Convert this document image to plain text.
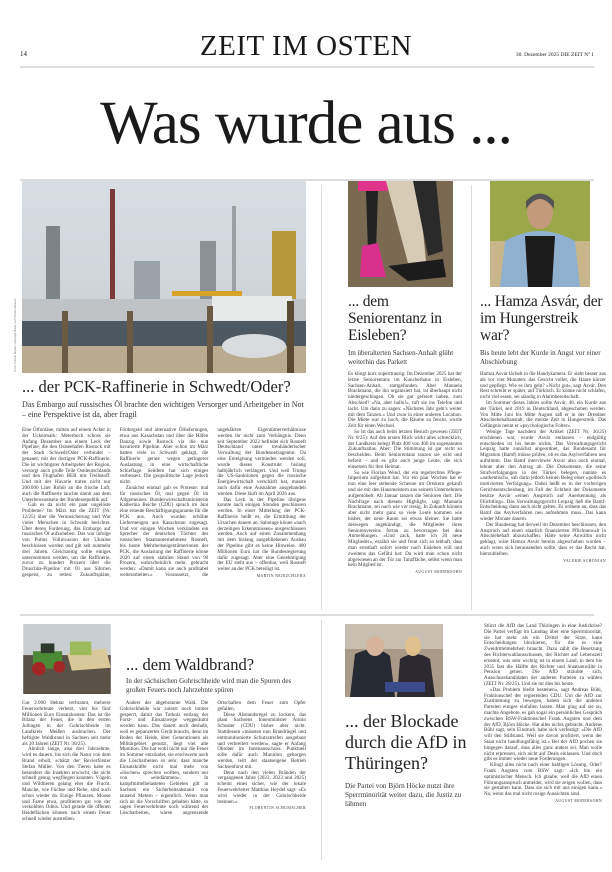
14	ZEIT IM OSTEN	30. Dezember 2025 DIE ZEIT Nº 1
Was wurde aus ...
Fotos: Florian Boillot; Christoph Hardt; laif; Picture Alliance
... der PCK-Raffinerie in Schwedt/Oder?
Das Embargo auf russisches Öl brachte den wichtigen Versorger und Arbeitgeber in Not – eine Perspektive ist da, aber fragil

Eine Ölfontäne, mitten auf einem Acker in der Uckermark: Meterhoch schoss sie Anfang Dezember aus einem Leck der Pipeline, die den Ostseehafen Rostock mit der Stadt Schwedt/Oder verbindet – genauer, mit der dortigen PCK-Raffinerie. Die ist wichtigster Arbeitgeber der Region, versorgt auch große Teile Ostdeutschlands und den Flughafen BER mit Treibstoff. Und mit der Havarie traten nicht nur 200.000 Liter Rohöl an die frische Luft, auch die Raffinerie tauchte damit aus dem Unterbewusstsein der Bundesrepublik auf.

Gab es da nicht ein paar ungelöste Probleme? Im März hat die ZEIT (Nr. 12/25) über die Verunsicherung und Wut vieler Menschen in Schwedt berichtet. Über deren Forderung, das Embargo auf russisches Öl aufzuheben. Das war infolge von Putins Vollinvasion der Ukraine beschlossen worden und gilt seit nunmehr drei Jahren. Gleichzeitig sollte einiges unternommen werden, um die Raffinerie, zuvor zu hundert Prozent über die Druschba-Pipeline mit Öl aus Sibirien gespeist, zu retten: Zukunftspläne, Fördergeld und alternative Öllieferungen, etwa aus Kasachstan und über die Häfen Danzig sowie Rostock via die nun havarierte Pipeline. Aber schon im März hatten viele in Schwedt geklagt, die Raffinerie gerate wegen geringerer Auslastung in eine wirtschaftliche Schieflage. Seitdem hat sich einiges verbessert. Die geopolitische Lage jedoch nicht.

Zunächst einmal gab es Proteste: mal für russisches Öl, mal gegen Öl im Allgemeinen. Bundeswirtschaftsministerin Katherina Reiche (CDU) sprach im Juni eine erneute Beschäftigungsgarantie für die PCK aus. Auch wurden erhöhte Liefermengen aus Kasachstan zugesagt. Und vor einigen Wochen verkündete ein Sprecher der deutschen Töchter des russischen Staatsunternehmens Rosneft, bis heute Mehrheitseigentümerinnen der PCK, die Auslastung der Raffinerie könne 2026 auf einen stabilen Stand von 90 Prozent, wahrscheinlich mehr, gebracht werden: »Damit kann sie auch profitabel weiterarbeiten.« Voraussetzt, die ungeklärten Eigentümerverhältnisse werden ihr nicht zum Verhängnis. Denn seit September 2022 befindet sich Rosneft Deutschland unter treuhänderischer Verwaltung der Bundesnetzagentur. Da eine Enteignung vermieden werden soll, wurde dieses Konstrukt bislang halbjährlich verlängert. Und weil Trump die US-Sanktionen gegen die russische Energiewirtschaft verschärft hat, musste auch dafür eine Ausnahme ausgehandelt werden. Diese läuft im April 2026 aus.

Das Leck in der Pipeline übrigens konnte nach einigen Stunden geschlossen werden. In einer Mitteilung der PCK-Raffinerie heißt es, die Ermittlung der Ursachen dauere an. Sabotage könne »nach derzeitigen Erkenntnissen« ausgeschlossen werden. Auch auf einen Zusammenhang mit dem bislang ausgebliebenen Ausbau der Pipeline gibt es keine Hinweise. 400 Millionen Euro hat die Bundesregierung dafür zugesagt. Aber eine Genehmigung der EU steht aus – offenbar, weil Rosneft weiter an der PCK beteiligt ist.

MARTIN NEJEZCHLEBA
... dem Seniorentanz in Eisleben?
Im überalterten Sachsen-Anhalt glüht weiterhin das Parkett

Es klingt kurz superttraurig: Im Dezember 2025 hat der letzte Seniorentanz im Kuncherhaus in Eisleben, Sachsen-Anhalt, stattgefunden. Aber Manuela Brackmann, die ihn organisiert hat, ist überhaupt nicht niedergeschlagen. Ob sie gut gefeiert haben, zum Abschied? »Na, aber hallo!«, ruft sie ins Telefon und lacht. Um dann zu sagen: »Nächstes Jahr geht's weiter mit dem Tanzen.« Und zwar in einer anderen Location. Die Miete war zu hoch, die Räume zu feucht, wurde Zeit für einen Wechsel.

So ist das auch beim letzten Besuch gewesen (ZEIT Nr. 8/25): Auf den ersten Blick wirkt alles schrecklich, der Landkreis belegt Platz 400 von 400 im sogenannten Zukunftsatlas. Aber: Die Stimmung ist gar nicht so bescheiden. Beim Seniorentanz tanzen sie wild und befreit – und es gibt auch junge Leute, die sich einsetzen für ihre Heimat.

So wie Florian Wend, der ein regelrechtes Pflege-Imperium aufgebaut hat. Vor ein paar Wochen hat er nun eine leer stehende Scheune im Ortskern gekauft und sie mit den Hausmeistern aus seinem Unternehmen aufgemöbelt. Ab Januar tanzen die Senioren dort. Die Nachfrage nach diesem Highlight, sagt Manuela Brackmann, sei nach wie vor riesig. In Zukunft können aber nicht mehr ganz so viele Leute kommen wie bisher, der neue Raum sei etwas kleiner. Sie hatte deswegen angekündigt, die Mitglieder ihres Seniorenvereins fortan zu bevorzugen bei den Anmeldungen. »Und zack, hatte ich 20 neue Mitglieder«, erzählt sie und freut sich so lebhaft, dass man ernsthaft sofort wieder nach Eisleben will und zweitens das Gefühl hat: Da wird man schon nicht abgewiesen an der Tür zur Tanzfläche, selbst wenn man kein Mitglied ist.

AUGUST MODERSOHN
... Hamza Asvár, der im Hungerstreik war?
Bis heute lebt der Kurde in Angst vor einer Abschiebung

Hamza Asvár lächelt in die Handykamera. Er sieht besser aus als vor vier Monaten: das Gesicht voller, die Haare kürzer und gepflegt. Wie es ihm geht? »Nicht gut«, sagt Asvár. Den Rest schreibt er später, auf Türkisch. Er könne nicht schlafen, nicht viel essen, sei ständig in Alarmbereitschaft.

Im Sommer dieses Jahres sollte Asvár, 48, ein Kurde aus der Türkei, seit 2019 in Deutschland, abgeschoben werden. Von Mitte Juni bis Mitte August saß er in der Dresdner Abschiebehaftanstalt, die meiste Zeit in Hungerstreik. Das Gefängnis nennt er »psychologische Folter«.

Wenige Tage nachdem der Artikel (ZEIT Nr. 36/25) erschienen war, wurde Asvár entlassen – endgültig entschieden ist bis heute nichts. Das Verwaltungsgericht Leipzig hatte zunächst angeordnet, das Bundesamt für Migration (Bamf) müsse prüfen, ob es das Asylverfahren neu aufnimmt. Das Bamf interviewte Asvár also noch einmal, lehnte aber den Antrag ab. Die Dokumente, die seine Strafverfolgungen in der Türkei belegen, nannte es »authentisch«, sah darin jedoch keinen Beleg einer »politisch motivierten Verfolgung«. Dabei heißt es in der vorherigen Gerichtsentscheidung, im Fall der Echtheit der Dokumente besitze Asvár »einen Anspruch auf Anerkennung als Flüchtling«. Das Verwaltungsgericht Leipzig ließ die Bamf-Entscheidung dann auch nicht gelten. Es ordnete an, dass das Bamf das Asylverfahren neu aufnehmen muss. Das kann wieder Monate dauern.

Der Bundestag hat derweil im Dezember beschlossen, den Anspruch auf einen staatlich finanzierten Pflichtanwalt in Abschiebehaft abzuschaffen. Hätte seine Anwältin nicht geklagt, wäre Hamza Asvár bereits abgeschoben worden – auch wenn sich herausstellen sollte, dass er das Recht hat, hierzubleiben.

VALERIE SCHÖNIAN
... dem Waldbrand?
In der sächsischen Gohrischheide wird man die Spuren des großen Feuers noch Jahrzehnte spüren

Gut 2.000 Hektar verbrannt, mehrere Feuerwehrleute verletzt, vier bis fünf Millionen Euro Einsatzkosten: Das ist die Bilanz der Feuer, die in den ersten Julitagen in der Gohrischheide im Landkreis Meißen ausbrachen. Der heftigste Waldbrand in Sachsen seit mehr als 30 Jahren (ZEIT Nr. 30/25).

Ähnlich lange, also drei Jahrzehnte, wird es dauern, bis sich die Natur von dem Brand erholt, schätzt der Revierförster Stefan Müller. Von den Tieren habe es besonders die Insekten erwischt, die nicht schnell genug wegfliegen konnten. Vögeln und Wildtieren gelang eher die Flucht. Manche, wie Füchse und Rehe, sind auch schon wieder da. Einige Pflanzen, Moose und Farne etwa, profitieren gar von der verkohlten Ödnis. Und gerade die offenen Heideflächen können nach einem Feuer schnell wieder austreiben.

Anders der abgebrannte Wald. Die Gohrischheide war zuletzt noch immer gesperrt, damit das Totholz entlang der Forst- und Einsatzwege weggeräumt werden kann. Das dauert auch deshalb, weil es gepanzertes Gerät braucht, denn im Boden der Heide, über Generationen als Militärgebiet genutzt, liegt viel alte Munition. Die hat wohl nicht nur die Feuer im Sommer entzündet, sie erschwerte auch die Löscharbeiten so sehr, dass manche Einsatzkräfte nicht mal mehr von »löschen« sprechen wollten, sondern nur von »eindämmen«. In kampfmittelbelasteten Gebieten gilt in Sachsen ein Sicherheitsabstand von tausend Metern – eigentlich. Wenn man sich an die Vorschriften gehalten hätte, so sagen Feuerwehrleute noch während der Löscharbeiten, wären angrenzende Ortschaften dem Feuer zum Opfer gefallen.

Diese Abstandsregel zu lockern, das plant Sachsens Innenminister Armin Schuster (CDU) bisher aber nicht. Stattdessen »müssten nun Brandriegel und entmunitionierte Schutzstreifen ausgebaut und verbreitert werden«, sagte er Anfang Oktober im Innenausschuss. Punktuell solle dafür auch Munition geborgen werden, teilt der staatseigene Betrieb Sachsenforst mit.

Denn nach den vielen Bränden der vergangenen Jahre (2022, 2023 und 2025) scheint eines sicher, wie der lokale Feuerwehrleiter Matthias Heydel sagt: »Es wird wieder in der Gohrischheide brennen.«

FLORENTIN SCHUMACHER
... der Blockade durch die AfD in Thüringen?
Die Partei von Björn Höcke nutzt ihre Sperrminorität weiter dazu, die Justiz zu lähmen

Stürzt die AfD das Land Thüringen in eine Justizkrise? Die Partei verfügt im Landtag über eine Sperrminorität, sie hat mehr als ein Drittel der Sitze, kann Entscheidungen blockieren, für die es eine Zweidrittelmehrheit braucht. Dazu zählt die Besetzung des Richterwahlausschusses, der Richter auf Lebenszeit ernennt, was sehr wichtig ist in einem Land, in dem bis 2035 fast die Hälfte der Richter und Staatsanwälte in Pension gehen. Die AfD sträubte sich, Ausschusskandidaten der anderen Parteien zu wählen (ZEIT Nr. 28/25). Und sie tut dies bis heute.

»Das Problem bleibt bestehen«, sagt Andreas Bühl, Fraktionschef der regierenden CDU. Um die AfD zur Zustimmung zu bewegen, haben sich die anderen Parteien einiges einfallen lassen. Man ging auf sie zu, machte Angebote, es gab sogar ein persönliches Gespräch zwischen BSW-Fraktionschef Frank Augsten und dem der AfD, Björn Höcke. Hat alles nichts gebracht. Andreas Bühl sagt, sein Eindruck habe sich verfestigt: »Die AfD will den Stillstand. Weil sie davon profitiert, wenn der Staat nicht handlungsfähig ist.« Bei der AfD pochen sie hingegen darauf, dass alles ganz anders sei. Man wolle nicht erpressen, sich nicht auf Deals einlassen. Und doch gibt es immer wieder neue Forderungen.

Klingt alles nicht nach einer baldigen Lösung. Oder? Frank Augsten vom BSW sagt: »Ich bin ein optimistischer Mensch. Ich glaube, weil die AfD einen Führungsanspruch anmeldet, wird sie zeigen wollen, dass sie gestalten kann. Dass sie sich mit uns einigen kann.« Na, wenn das mal nicht rosige Aussichten sind.

AUGUST MODERSOHN
